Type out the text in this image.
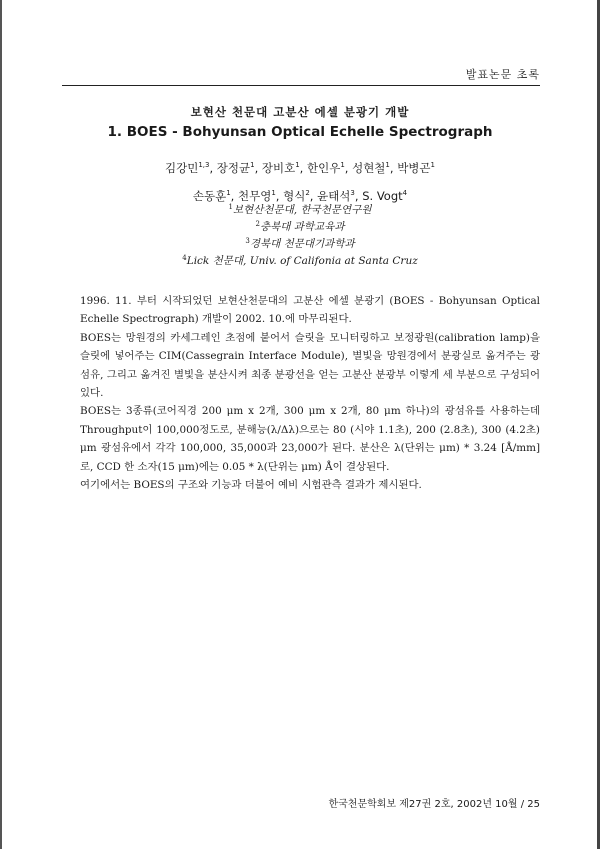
발표논문 초록
보현산 천문대 고분산 에셀 분광기 개발
1. BOES - Bohyunsan Optical Echelle Spectrograph
김강민$^{1,3}$, 장정균$^1$, 장비호$^1$, 한인우$^1$, 성현철$^1$, 박병곤$^1$
손동훈$^1$, 천무영$^1$, 형식$^2$, 윤태석$^3$, S. Vogt$^4$
$^1$보현산천문대, 한국천문연구원
$^2$충북대 과학교육과
$^3$경북대 천문대기과학과
$^4$Lick 천문대, Univ. of Califonia at Santa Cruz

1996. 11. 부터 시작되었던 보현산천문대의 고분산 에셀 분광기 (BOES - Bohyunsan Optical Echelle Spectrograph) 개발이 2002. 10.에 마무리된다.

BOES는 망원경의 카세그레인 초점에 붙어서 슬릿을 모니터링하고 보정광원(calibration lamp)을 슬릿에 넣어주는 CIM(Cassegrain Interface Module), 별빛을 망원경에서 분광실로 옮겨주는 광섬유, 그리고 옮겨진 별빛을 분산시켜 최종 분광선을 얻는 고분산 분광부 이렇게 세 부분으로 구성되어 있다.

BOES는 3종류(코어직경 200 μm x 2개, 300 μm x 2개, 80 μm 하나)의 광섬유를 사용하는데 Throughput이 100,000정도로, 분해능(λ/Δλ)으로는 80 (시야 1.1초), 200 (2.8초), 300 (4.2초) μm 광섬유에서 각각 100,000, 35,000과 23,000가 된다. 분산은 λ(단위는 μm) * 3.24 [Å/mm] 로, CCD 한 소자(15 μm)에는 0.05 * λ(단위는 μm) Å이 결상된다.

여기에서는 BOES의 구조와 기능과 더불어 예비 시험관측 결과가 제시된다.

한국천문학회보 제27권 2호, 2002년 10월 / 25
